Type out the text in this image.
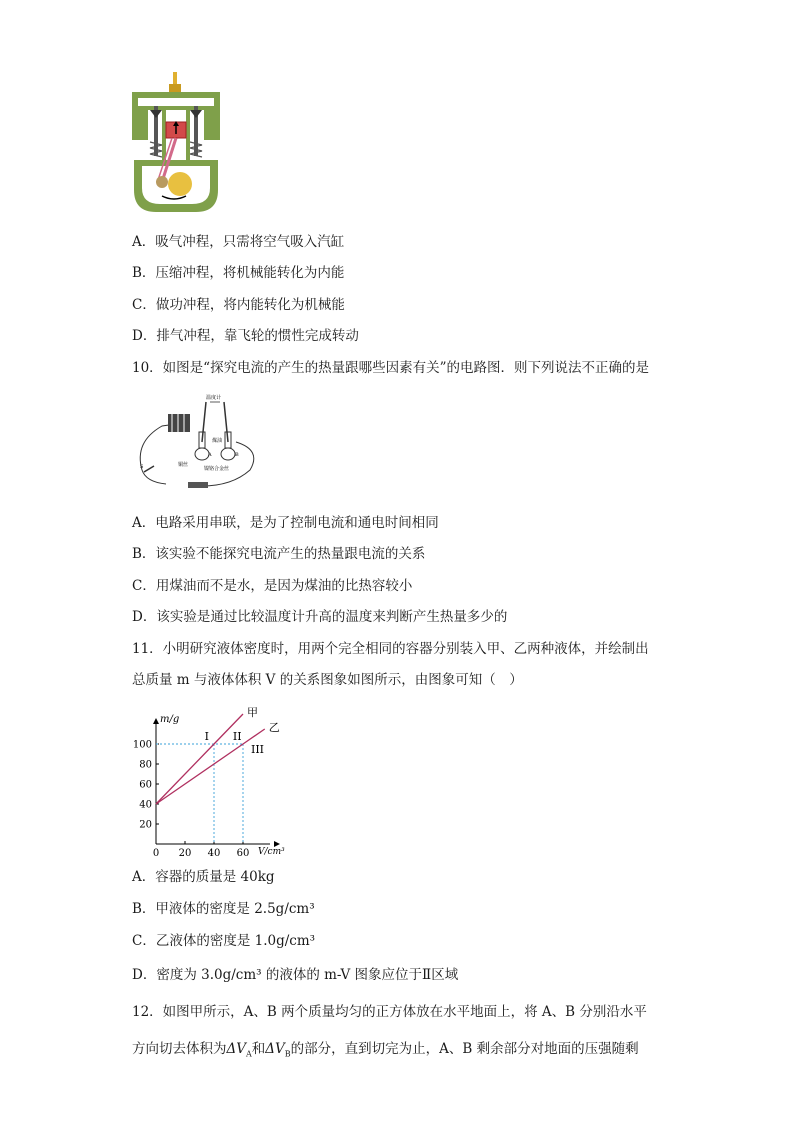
A．吸气冲程，只需将空气吸入汽缸
B．压缩冲程，将机械能转化为内能
C．做功冲程，将内能转化为机械能
D．排气冲程，靠飞轮的惯性完成转动
10．如图是“探究电流的产生的热量跟哪些因素有关”的电路图．则下列说法不正确的是
温度计
A	B
煤油
铜丝
镍铬合金丝
S
A．电路采用串联，是为了控制电流和通电时间相同
B．该实验不能探究电流产生的热量跟电流的关系
C．用煤油而不是水，是因为煤油的比热容较小
D．该实验是通过比较温度计升高的温度来判断产生热量多少的
11．小明研究液体密度时，用两个完全相同的容器分别装入甲、乙两种液体，并绘制出
总质量 m 与液体体积 V 的关系图象如图所示，由图象可知（　）
m/g
V/cm³
20
40
60
80
100
0 20 40 60
甲
乙
I II
III
A．容器的质量是 40kg
B．甲液体的密度是 2.5g/cm³
C．乙液体的密度是 1.0g/cm³
D．密度为 3.0g/cm³ 的液体的 m-V 图象应位于Ⅱ区域
12．如图甲所示，A、B 两个质量均匀的正方体放在水平地面上，将 A、B 分别沿水平
方向切去体积为$\Delta V_A$和$\Delta V_B$的部分，直到切完为止，A、B 剩余部分对地面的压强随剩
